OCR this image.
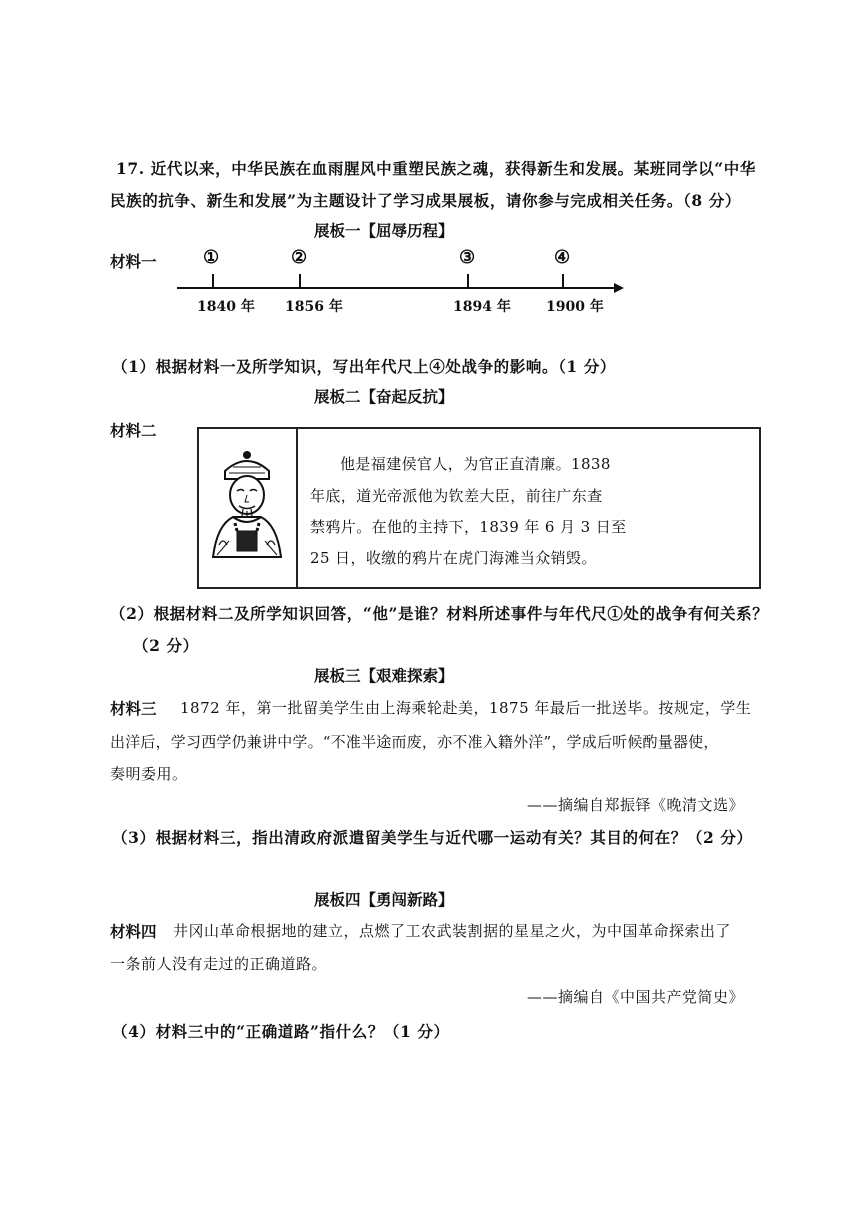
17. 近代以来，中华民族在血雨腥风中重塑民族之魂，获得新生和发展。某班同学以“中华
民族的抗争、新生和发展”为主题设计了学习成果展板，请你参与完成相关任务。（8 分）
展板一【屈辱历程】
材料一	①	②	③	④
1840 年 1856 年	1894 年	1900 年
（1）根据材料一及所学知识，写出年代尺上④处战争的影响。（1 分）
展板二【奋起反抗】
材料二
他是福建侯官人，为官正直清廉。1838
年底，道光帝派他为钦差大臣，前往广东查
禁鸦片。在他的主持下，1839 年 6 月 3 日至
25 日，收缴的鸦片在虎门海滩当众销毁。
（2）根据材料二及所学知识回答，“他”是谁？材料所述事件与年代尺①处的战争有何关系？
（2 分）
展板三【艰难探索】
材料三 1872 年，第一批留美学生由上海乘轮赴美，1875 年最后一批送毕。按规定，学生
出洋后，学习西学仍兼讲中学。“不准半途而废，亦不准入籍外洋”，学成后听候酌量器使，
奏明委用。
——摘编自郑振铎《晚清文选》
（3）根据材料三，指出清政府派遣留美学生与近代哪一运动有关？其目的何在？（2 分）
展板四【勇闯新路】
材料四 井冈山革命根据地的建立，点燃了工农武装割据的星星之火，为中国革命探索出了
一条前人没有走过的正确道路。
——摘编自《中国共产党简史》
（4）材料三中的“正确道路”指什么？（1 分）
